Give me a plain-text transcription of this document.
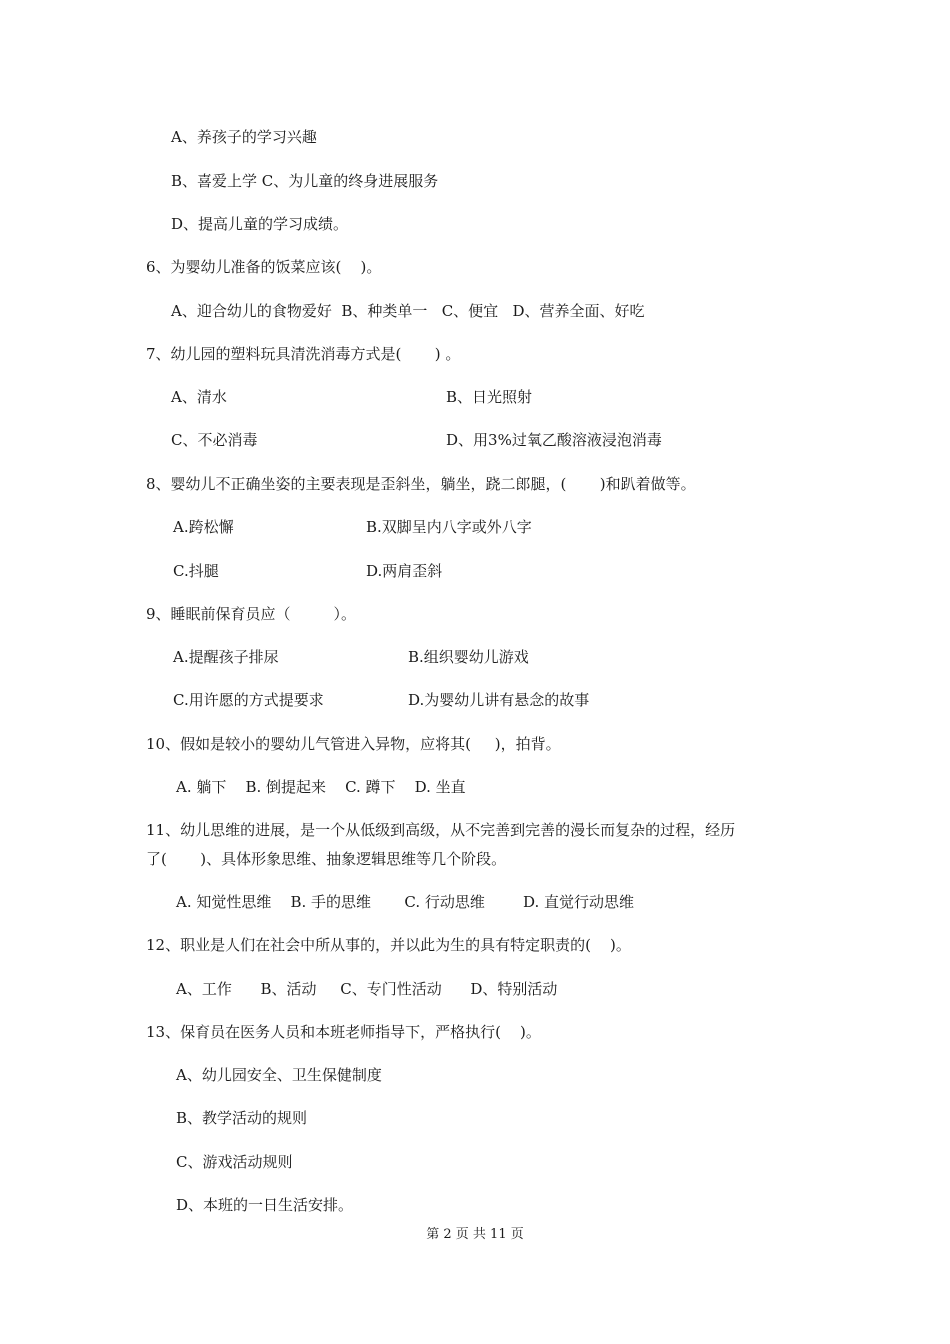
A、养孩子的学习兴趣
B、喜爱上学 C、为儿童的终身进展服务
D、提高儿童的学习成绩。
6、为婴幼儿准备的饭菜应该(    )。
A、迎合幼儿的食物爱好  B、种类单一   C、便宜   D、营养全面、好吃
7、幼儿园的塑料玩具清洗消毒方式是(       ) 。
A、清水	B、日光照射
C、不必消毒	D、用3%过氧乙酸溶液浸泡消毒
8、婴幼儿不正确坐姿的主要表现是歪斜坐，躺坐，跷二郎腿，(       )和趴着做等。
A.跨松懈	B.双脚呈内八字或外八字
C.抖腿	D.两肩歪斜
9、睡眠前保育员应（         ）。
A.提醒孩子排尿	B.组织婴幼儿游戏
C.用许愿的方式提要求	D.为婴幼儿讲有悬念的故事
10、假如是较小的婴幼儿气管进入异物，应将其(     )，拍背。
A. 躺下    B. 倒提起来    C. 蹲下    D. 坐直
11、幼儿思维的进展，是一个从低级到高级，从不完善到完善的漫长而复杂的过程，经历
了(       )、具体形象思维、抽象逻辑思维等几个阶段。
A. 知觉性思维    B. 手的思维       C. 行动思维        D. 直觉行动思维
12、职业是人们在社会中所从事的，并以此为生的具有特定职责的(    )。
A、工作      B、活动     C、专门性活动      D、特别活动
13、保育员在医务人员和本班老师指导下，严格执行(    )。
A、幼儿园安全、卫生保健制度
B、教学活动的规则
C、游戏活动规则
D、本班的一日生活安排。
第 2 页 共 11 页
